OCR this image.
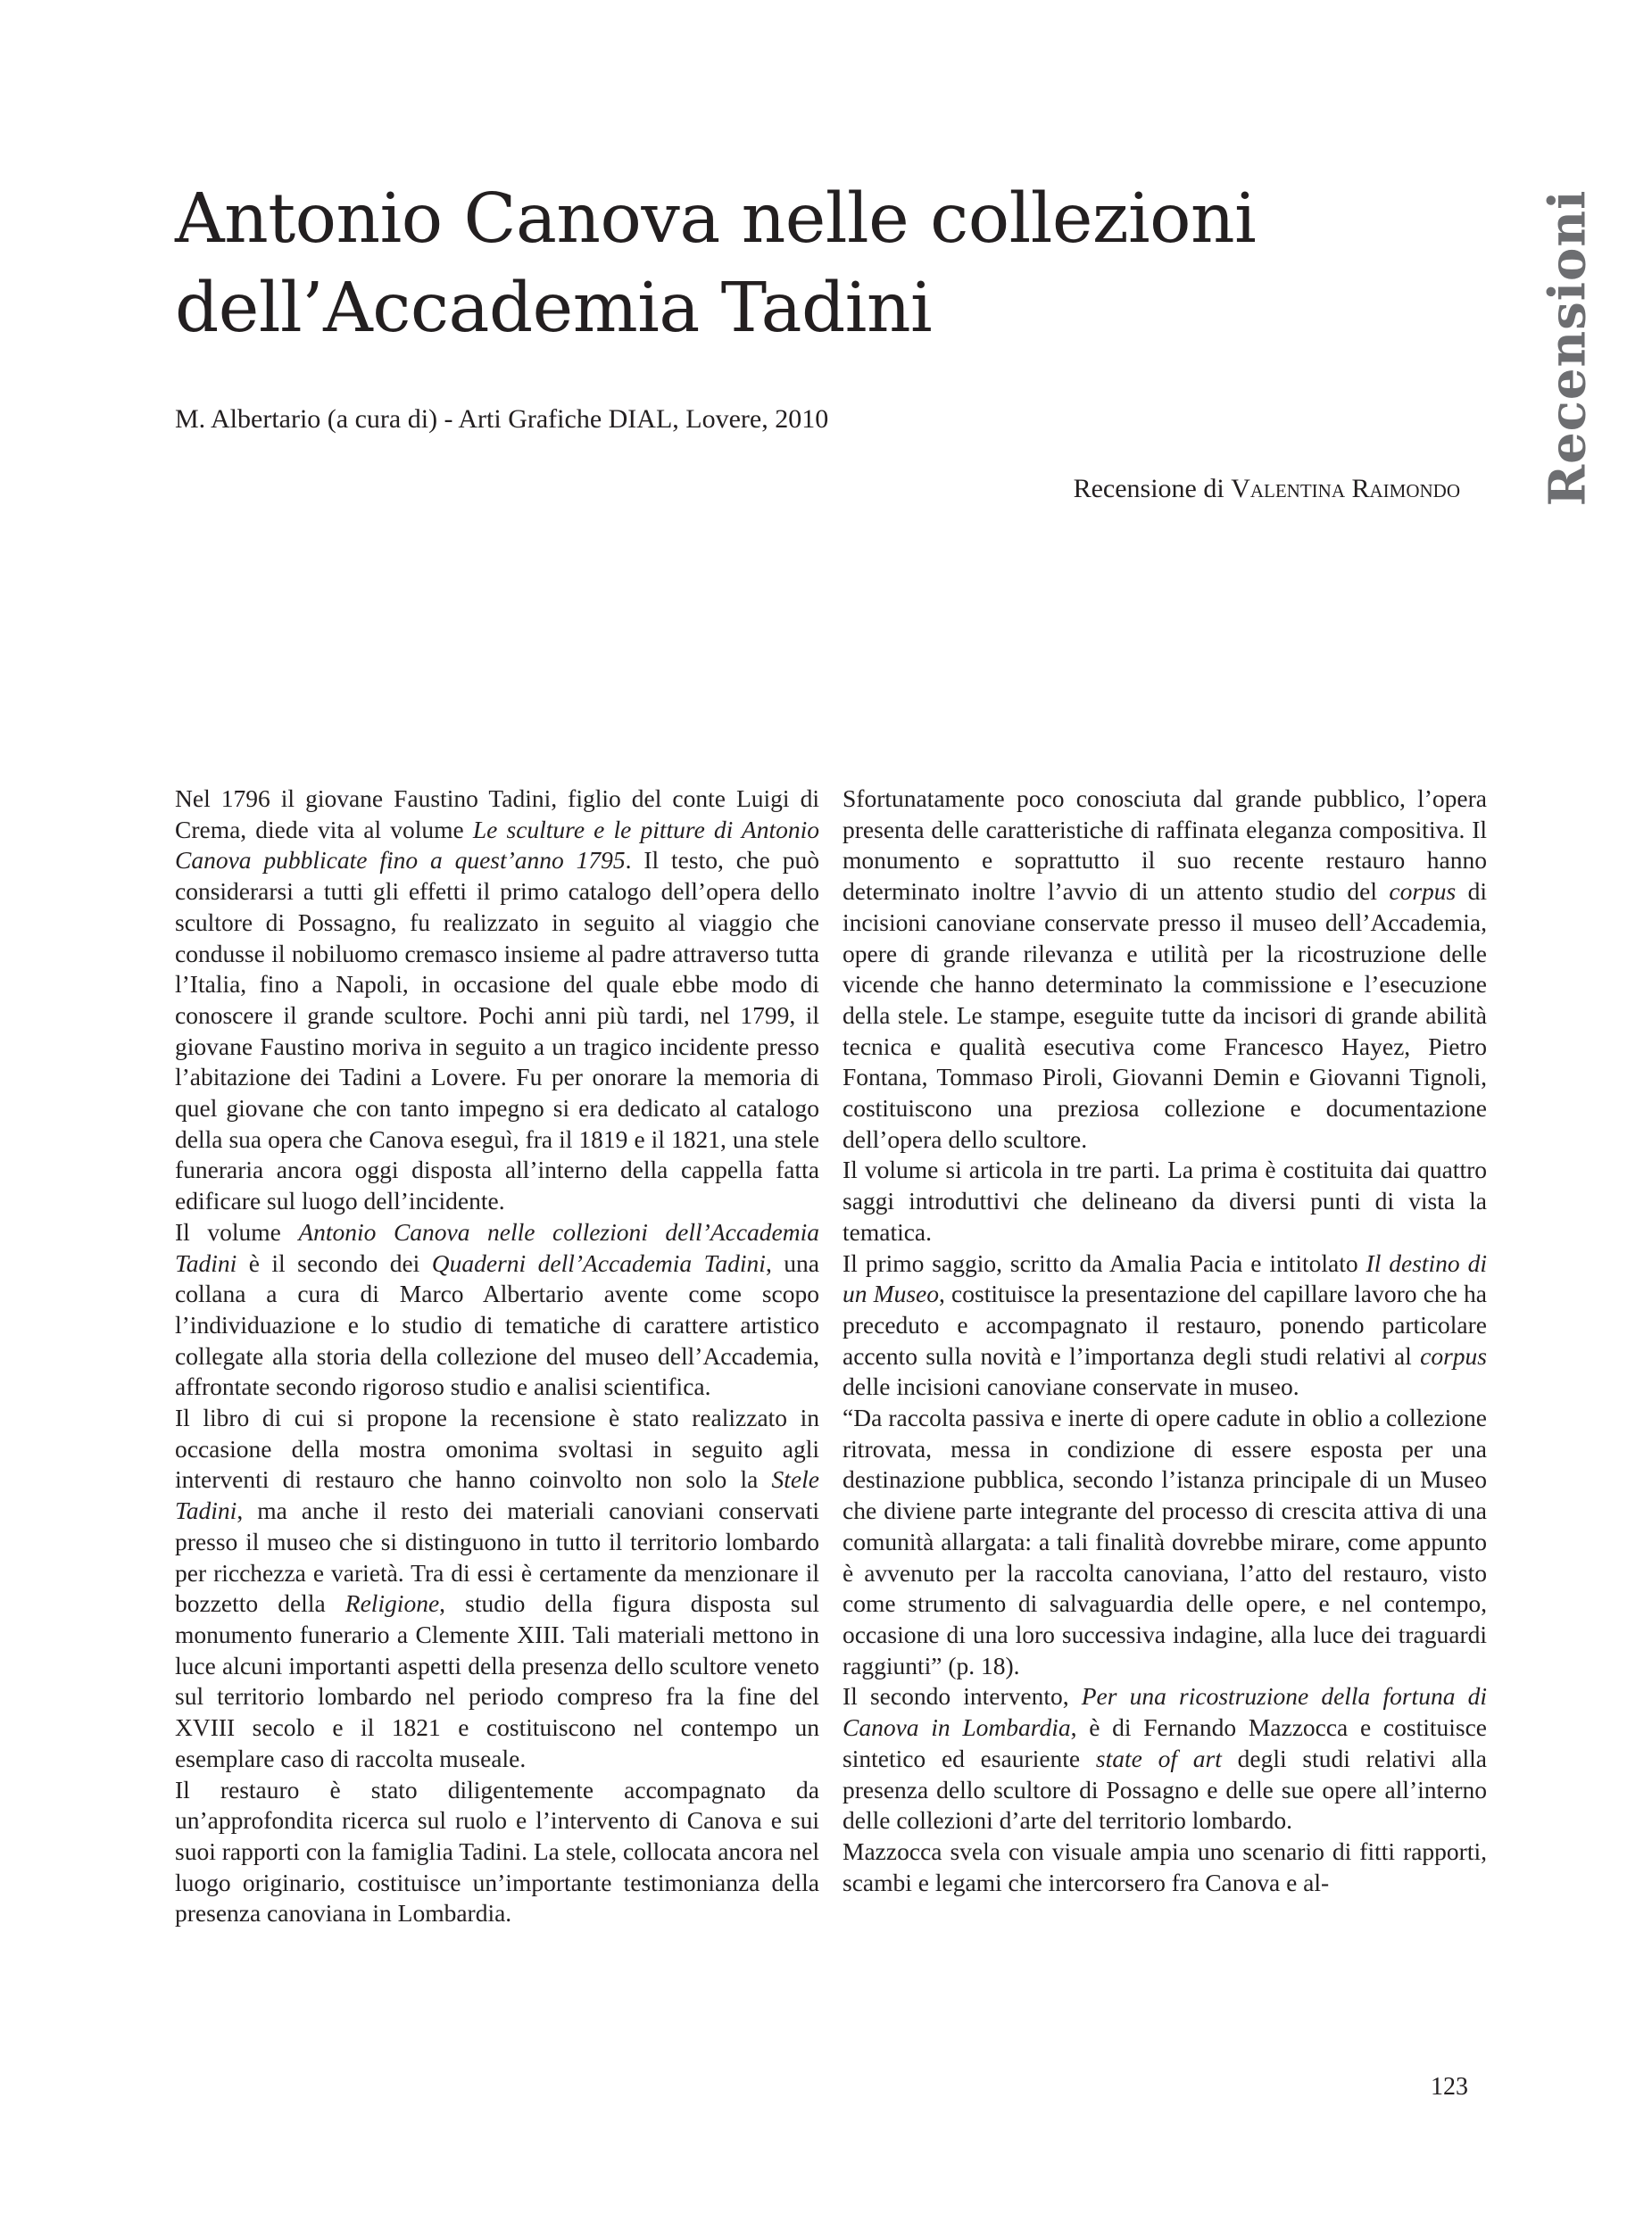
Antonio Canova nelle collezioni
dell’Accademia Tadini
M. Albertario (a cura di) - Arti Grafiche DIAL, Lovere, 2010
Recensione di Valentina Raimondo Recensioni

Nel 1796 il giovane Faustino Tadini, figlio del conte Luigi di Crema, diede vita al volume Le sculture e le pitture di Antonio Canova pubblicate fino a quest’anno 1795. Il testo, che può considerarsi a tutti gli effetti il primo catalogo dell’opera dello scultore di Possagno, fu realizzato in seguito al viaggio che condusse il nobiluomo cremasco insieme al padre attraverso tutta l’Italia, fino a Napoli, in occasione del quale ebbe modo di conoscere il grande scultore. Pochi anni più tardi, nel 1799, il giovane Faustino moriva in seguito a un tragico incidente presso l’abitazione dei Tadini a Lovere. Fu per onorare la memoria di quel giovane che con tanto impegno si era dedicato al catalogo della sua opera che Canova eseguì, fra il 1819 e il 1821, una stele funeraria ancora oggi disposta all’interno della cappella fatta edificare sul luogo dell’incidente.

Il volume Antonio Canova nelle collezioni dell’Accademia Tadini è il secondo dei Quaderni dell’Accademia Tadini, una collana a cura di Marco Albertario avente come scopo l’individuazione e lo studio di tematiche di carattere artistico collegate alla storia della collezione del museo dell’Accademia, affrontate secondo rigoroso studio e analisi scientifica.

Il libro di cui si propone la recensione è stato realizzato in occasione della mostra omonima svoltasi in seguito agli interventi di restauro che hanno coinvolto non solo la Stele Tadini, ma anche il resto dei materiali canoviani conservati presso il museo che si distinguono in tutto il territorio lombardo per ricchezza e varietà. Tra di essi è certamente da menzionare il bozzetto della Religione, studio della figura disposta sul monumento funerario a Clemente XIII. Tali materiali mettono in luce alcuni importanti aspetti della presenza dello scultore veneto sul territorio lombardo nel periodo compreso fra la fine del XVIII secolo e il 1821 e costituiscono nel contempo un esemplare caso di raccolta museale.

Il restauro è stato diligentemente accompagnato da un’approfondita ricerca sul ruolo e l’intervento di Canova e sui suoi rapporti con la famiglia Tadini. La stele, collocata ancora nel luogo originario, costituisce un’importante testimonianza della presenza canoviana in Lombardia.

Sfortunatamente poco conosciuta dal grande pubblico, l’opera presenta delle caratteristiche di raffinata eleganza compositiva. Il monumento e soprattutto il suo recente restauro hanno determinato inoltre l’avvio di un attento studio del corpus di incisioni canoviane conservate presso il museo dell’Accademia, opere di grande rilevanza e utilità per la ricostruzione delle vicende che hanno determinato la commissione e l’esecuzione della stele. Le stampe, eseguite tutte da incisori di grande abilità tecnica e qualità esecutiva come Francesco Hayez, Pietro Fontana, Tommaso Piroli, Giovanni Demin e Giovanni Tignoli, costituiscono una preziosa collezione e documentazione dell’opera dello scultore.

Il volume si articola in tre parti. La prima è costituita dai quattro saggi introduttivi che delineano da diversi punti di vista la tematica.

Il primo saggio, scritto da Amalia Pacia e intitolato Il destino di un Museo, costituisce la presentazione del capillare lavoro che ha preceduto e accompagnato il restauro, ponendo particolare accento sulla novità e l’importanza degli studi relativi al corpus delle incisioni canoviane conservate in museo.

“Da raccolta passiva e inerte di opere cadute in oblio a collezione ritrovata, messa in condizione di essere esposta per una destinazione pubblica, secondo l’istanza principale di un Museo che diviene parte integrante del processo di crescita attiva di una comunità allargata: a tali finalità dovrebbe mirare, come appunto è avvenuto per la raccolta canoviana, l’atto del restauro, visto come strumento di salvaguardia delle opere, e nel contempo, occasione di una loro successiva indagine, alla luce dei traguardi raggiunti” (p. 18).

Il secondo intervento, Per una ricostruzione della fortuna di Canova in Lombardia, è di Fernando Mazzocca e costituisce sintetico ed esauriente state of art degli studi relativi alla presenza dello scultore di Possagno e delle sue opere all’interno delle collezioni d’arte del territorio lombardo.

Mazzocca svela con visuale ampia uno scenario di fitti rapporti, scambi e legami che intercorsero fra Canova e al-

123
